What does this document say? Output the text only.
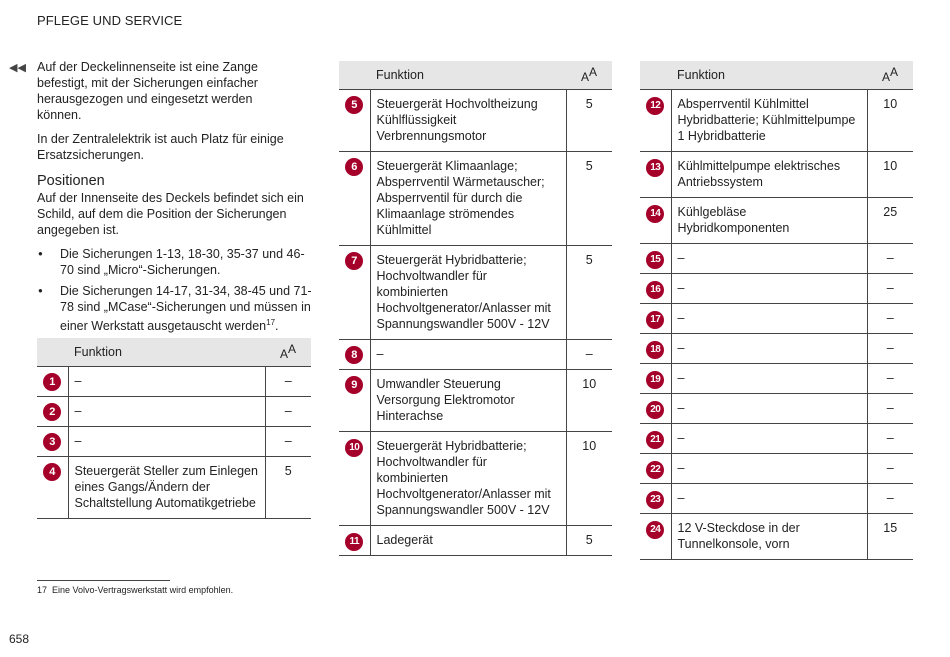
PFLEGE UND SERVICE
◀◀ Auf der Deckelinnenseite ist eine Zange befestigt, mit der Sicherungen einfacher herausgezogen und eingesetzt werden können.

In der Zentralelektrik ist auch Platz für einige Ersatzsicherungen.

Positionen

Auf der Innenseite des Deckels befindet sich ein Schild, auf dem die Position der Sicherungen angegeben ist.

● Die Sicherungen 1-13, 18-30, 35-37 und 46-70 sind „Micro“-Sicherungen.
● Die Sicherungen 14-17, 31-34, 38-45 und 71-78 sind „MCase“-Sicherungen und müssen in einer Werkstatt ausgetauscht werden$^{17}$.
	Funktion	$A^A$
1	–	–
2	–	–
3	–	–
4	Steuergerät Steller zum Einlegen eines Gangs/Ändern der Schaltstellung Automatikgetriebe	5
	Funktion	$A^A$
5	Steuergerät Hochvoltheizung Kühlflüssigkeit Verbrennungsmotor	5
6	Steuergerät Klimaanlage; Absperrventil Wärmetauscher; Absperrventil für durch die Klimaanlage strömendes Kühlmittel	5
7	Steuergerät Hybridbatterie; Hochvoltwandler für kombinierten Hochvoltgenerator/Anlasser mit Spannungswandler 500V - 12V	5
8	–	–
9	Umwandler Steuerung Versorgung Elektromotor Hinterachse	10
10	Steuergerät Hybridbatterie; Hochvoltwandler für kombinierten Hochvoltgenerator/Anlasser mit Spannungswandler 500V - 12V	10
11	Ladegerät	5
	Funktion	$A^A$
12	Absperrventil Kühlmittel Hybridbatterie; Kühlmittelpumpe 1 Hybridbatterie	10
13	Kühlmittelpumpe elektrisches Antriebssystem	10
14	Kühlgebläse Hybridkomponenten	25
15	–	–
16	–	–
17	–	–
18	–	–
19	–	–
20	–	–
21	–	–
22	–	–
23	–	–
24	12 V-Steckdose in der Tunnelkonsole, vorn	15
17 Eine Volvo-Vertragswerkstatt wird empfohlen.
658
